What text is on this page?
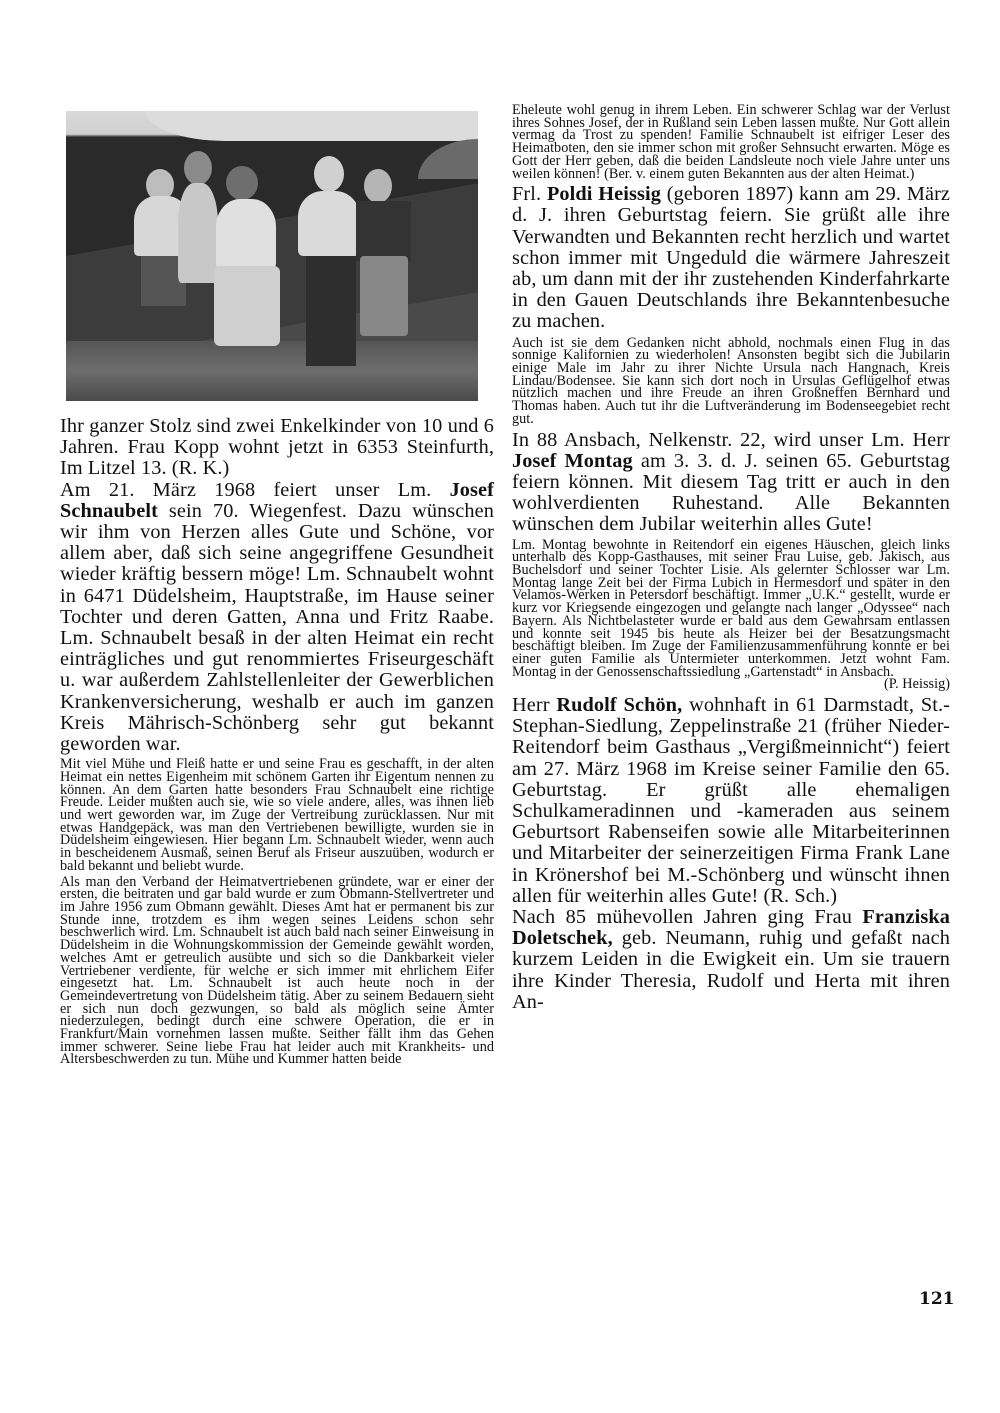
Ihr ganzer Stolz sind zwei Enkelkinder von 10 und 6 Jahren. Frau Kopp wohnt jetzt in 6353 Steinfurth, Im Litzel 13. (R. K.)

Am 21. März 1968 feiert unser Lm. Josef Schnaubelt sein 70. Wiegenfest. Dazu wünschen wir ihm von Herzen alles Gute und Schöne, vor allem aber, daß sich seine angegriffene Gesundheit wieder kräftig bessern möge! Lm. Schnaubelt wohnt in 6471 Düdelsheim, Hauptstraße, im Hause seiner Tochter und deren Gatten, Anna und Fritz Raabe. Lm. Schnaubelt besaß in der alten Heimat ein recht einträgliches und gut renommiertes Friseurgeschäft u. war außerdem Zahlstellenleiter der Gewerblichen Krankenversicherung, weshalb er auch im ganzen Kreis Mährisch-Schönberg sehr gut bekannt geworden war.

Mit viel Mühe und Fleiß hatte er und seine Frau es geschafft, in der alten Heimat ein nettes Eigenheim mit schönem Garten ihr Eigentum nennen zu können. An dem Garten hatte besonders Frau Schnaubelt eine richtige Freude. Leider mußten auch sie, wie so viele andere, alles, was ihnen lieb und wert geworden war, im Zuge der Vertreibung zurücklassen. Nur mit etwas Handgepäck, was man den Vertriebenen bewilligte, wurden sie in Düdelsheim eingewiesen. Hier begann Lm. Schnaubelt wieder, wenn auch in bescheidenem Ausmaß, seinen Beruf als Friseur auszuüben, wodurch er bald bekannt und beliebt wurde.

Als man den Verband der Heimatvertriebenen gründete, war er einer der ersten, die beitraten und gar bald wurde er zum Obmann-Stellvertreter und im Jahre 1956 zum Obmann gewählt. Dieses Amt hat er permanent bis zur Stunde inne, trotzdem es ihm wegen seines Leidens schon sehr beschwerlich wird. Lm. Schnaubelt ist auch bald nach seiner Einweisung in Düdelsheim in die Wohnungskommission der Gemeinde gewählt worden, welches Amt er getreulich ausübte und sich so die Dankbarkeit vieler Vertriebener verdiente, für welche er sich immer mit ehrlichem Eifer eingesetzt hat. Lm. Schnaubelt ist auch heute noch in der Gemeindevertretung von Düdelsheim tätig. Aber zu seinem Bedauern sieht er sich nun doch gezwungen, so bald als möglich seine Ämter niederzulegen, bedingt durch eine schwere Operation, die er in Frankfurt/Main vornehmen lassen mußte. Seither fällt ihm das Gehen immer schwerer. Seine liebe Frau hat leider auch mit Krankheits- und Altersbeschwerden zu tun. Mühe und Kummer hatten beide

Eheleute wohl genug in ihrem Leben. Ein schwerer Schlag war der Verlust ihres Sohnes Josef, der in Rußland sein Leben lassen mußte. Nur Gott allein vermag da Trost zu spenden! Familie Schnaubelt ist eifriger Leser des Heimatboten, den sie immer schon mit großer Sehnsucht erwarten. Möge es Gott der Herr geben, daß die beiden Landsleute noch viele Jahre unter uns weilen können! (Ber. v. einem guten Bekannten aus der alten Heimat.)

Frl. Poldi Heissig (geboren 1897) kann am 29. März d. J. ihren Geburtstag feiern. Sie grüßt alle ihre Verwandten und Bekannten recht herzlich und wartet schon immer mit Ungeduld die wärmere Jahreszeit ab, um dann mit der ihr zustehenden Kinderfahrkarte in den Gauen Deutschlands ihre Bekanntenbesuche zu machen.

Auch ist sie dem Gedanken nicht abhold, nochmals einen Flug in das sonnige Kalifornien zu wiederholen! Ansonsten begibt sich die Jubilarin einige Male im Jahr zu ihrer Nichte Ursula nach Hangnach, Kreis Lindau/Bodensee. Sie kann sich dort noch in Ursulas Geflügelhof etwas nützlich machen und ihre Freude an ihren Großneffen Bernhard und Thomas haben. Auch tut ihr die Luftveränderung im Bodenseegebiet recht gut.

In 88 Ansbach, Nelkenstr. 22, wird unser Lm. Herr Josef Montag am 3. 3. d. J. seinen 65. Geburtstag feiern können. Mit diesem Tag tritt er auch in den wohlverdienten Ruhestand. Alle Bekannten wünschen dem Jubilar weiterhin alles Gute!

Lm. Montag bewohnte in Reitendorf ein eigenes Häuschen, gleich links unterhalb des Kopp-Gasthauses, mit seiner Frau Luise, geb. Jakisch, aus Buchelsdorf und seiner Tochter Lisie. Als gelernter Schlosser war Lm. Montag lange Zeit bei der Firma Lubich in Hermesdorf und später in den Velamos-Werken in Petersdorf beschäftigt. Immer „U.K.“ gestellt, wurde er kurz vor Kriegsende eingezogen und gelangte nach langer „Odyssee“ nach Bayern. Als Nichtbelasteter wurde er bald aus dem Gewahrsam entlassen und konnte seit 1945 bis heute als Heizer bei der Besatzungsmacht beschäftigt bleiben. Im Zuge der Familienzusammenführung konnte er bei einer guten Familie als Untermieter unterkommen. Jetzt wohnt Fam. Montag in der Genossenschaftssiedlung „Gartenstadt“ in Ansbach.

(P. Heissig)

Herr Rudolf Schön, wohnhaft in 61 Darmstadt, St.-Stephan-Siedlung, Zeppelinstraße 21 (früher Nieder-Reitendorf beim Gasthaus „Vergißmeinnicht“) feiert am 27. März 1968 im Kreise seiner Familie den 65. Geburtstag. Er grüßt alle ehemaligen Schulkameradinnen und -kameraden aus seinem Geburtsort Rabenseifen sowie alle Mitarbeiterinnen und Mitarbeiter der seinerzeitigen Firma Frank Lane in Krönershof bei M.-Schönberg und wünscht ihnen allen für weiterhin alles Gute! (R. Sch.)

Nach 85 mühevollen Jahren ging Frau Franziska Doletschek, geb. Neumann, ruhig und gefaßt nach kurzem Leiden in die Ewigkeit ein. Um sie trauern ihre Kinder Theresia, Rudolf und Herta mit ihren An-

121
